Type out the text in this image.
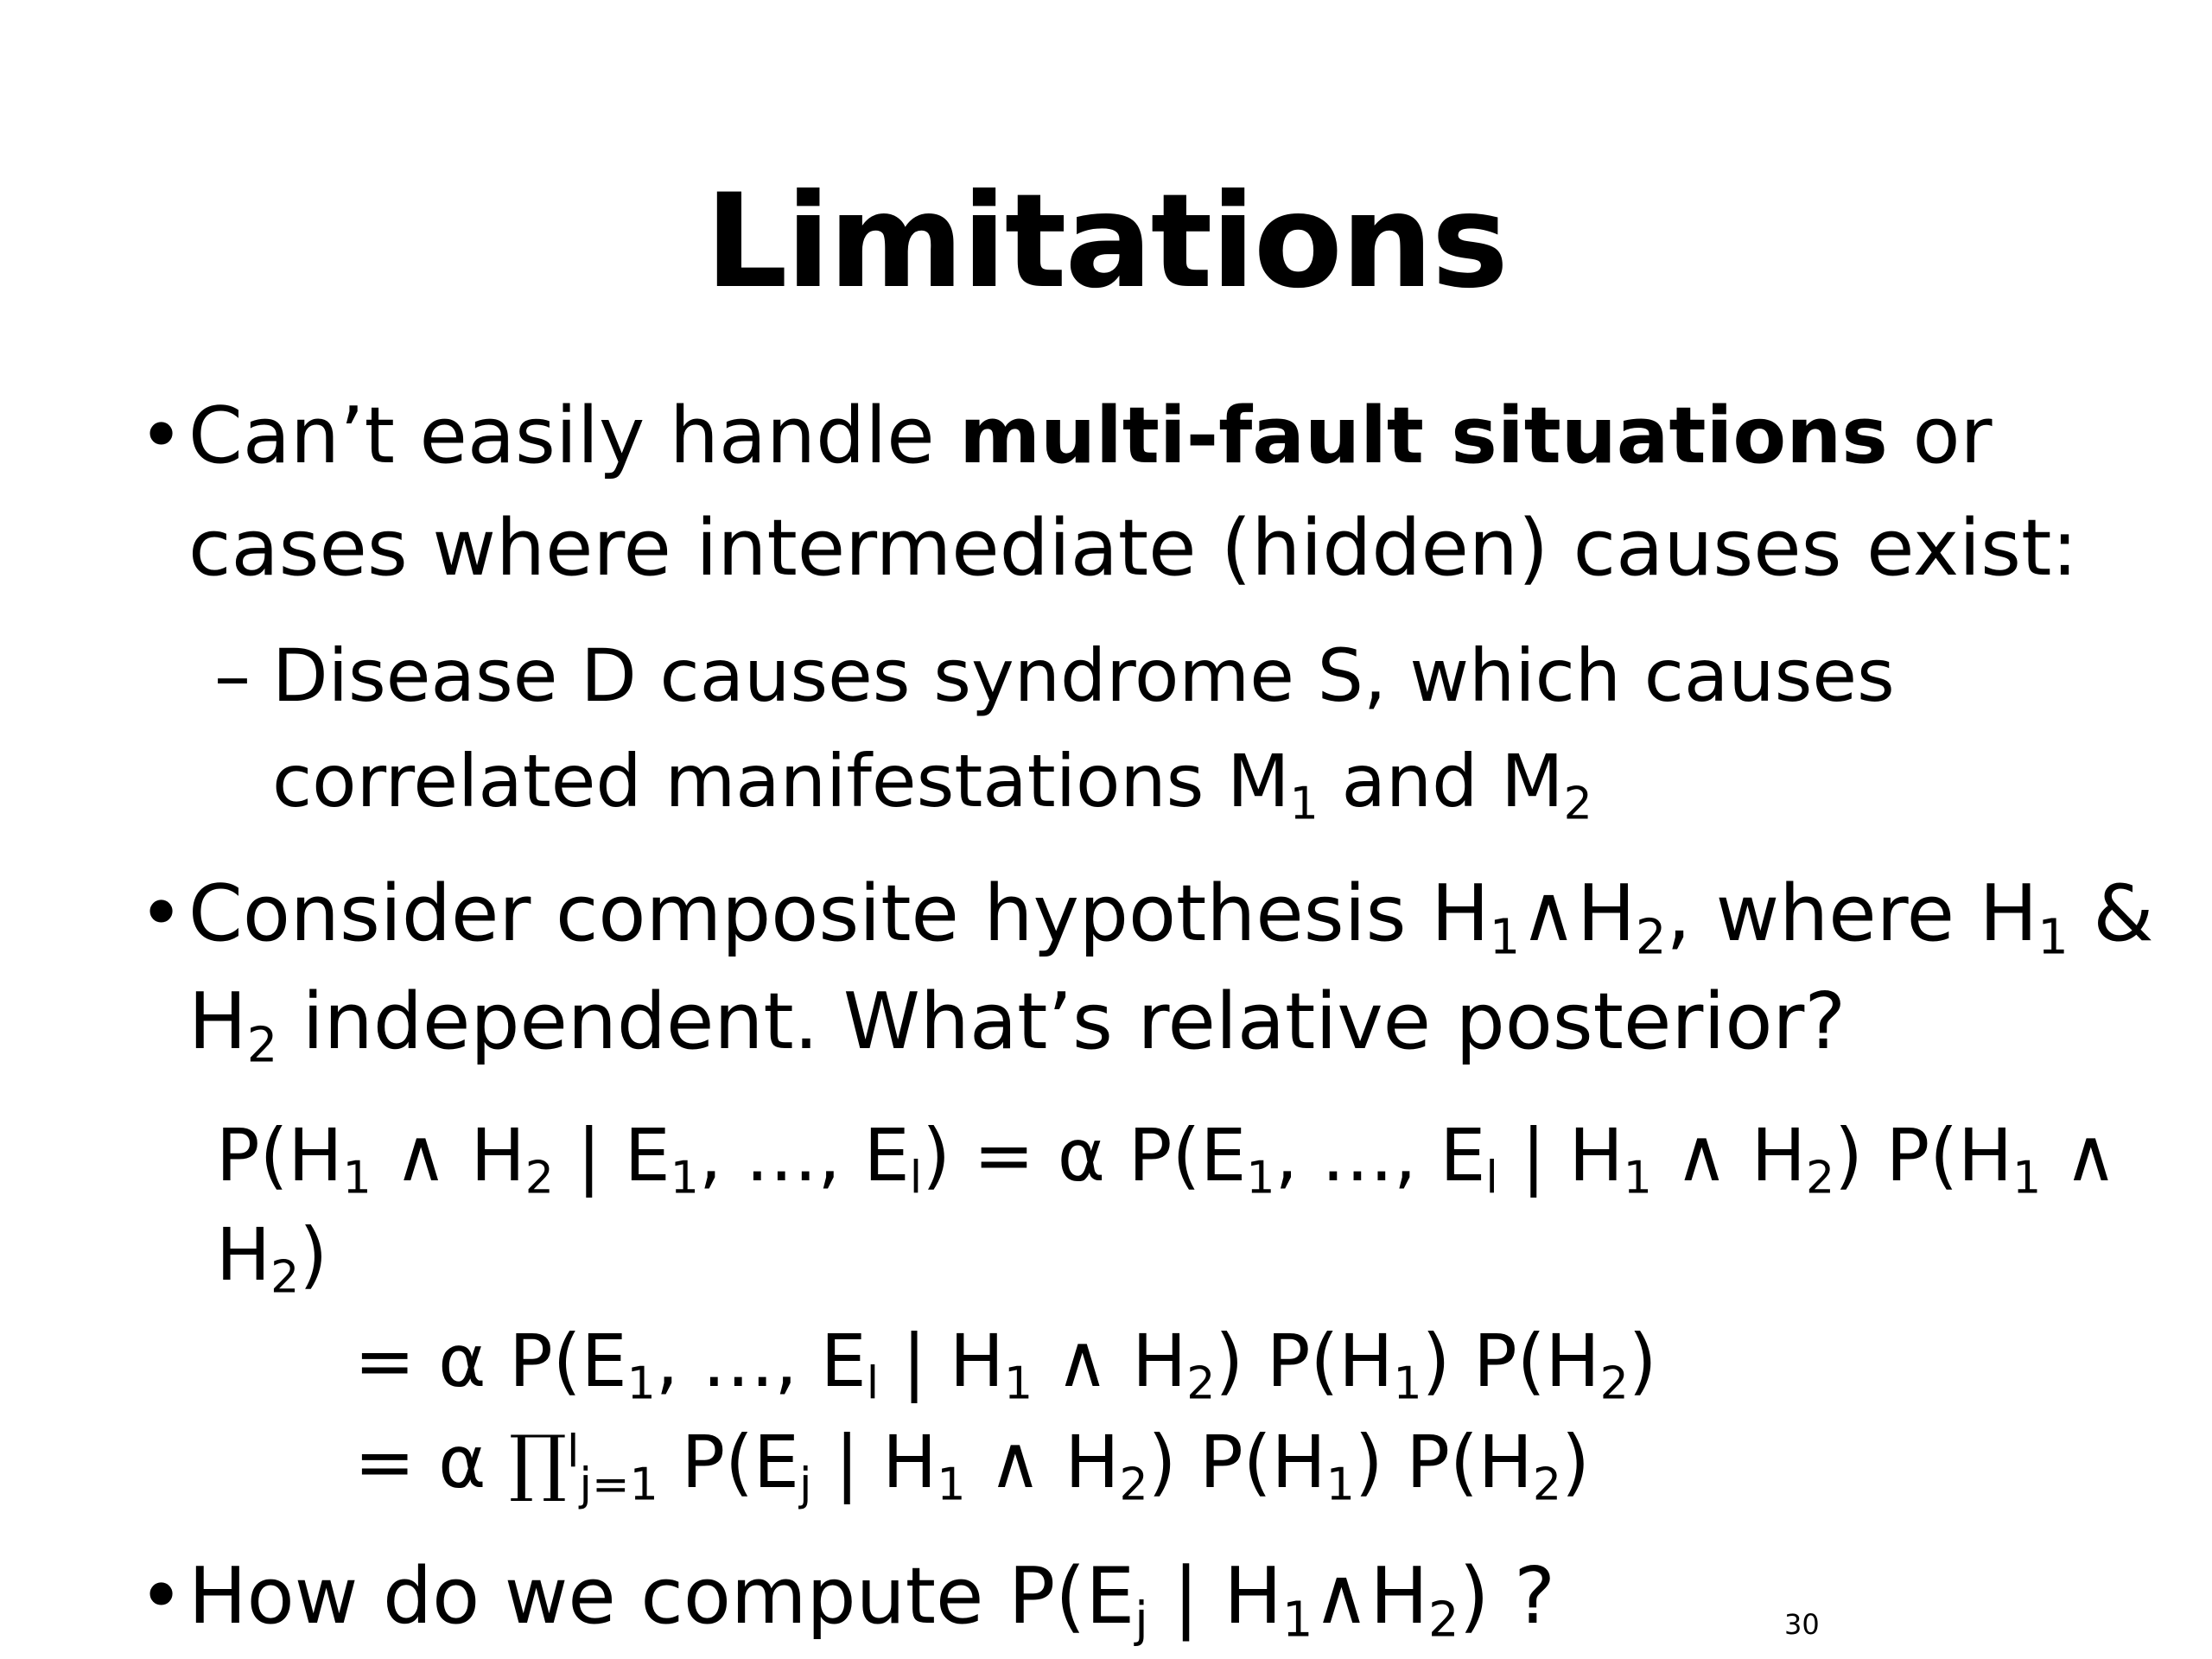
Limitations
• Can’t easily handle multi-fault situations or
cases where intermediate (hidden) causes exist:
– Disease D causes syndrome S, which causes
correlated manifestations $M_1$ and $M_2$
• Consider composite hypothesis $H_1\wedge H_2$, where $H_1$ &
$H_2$ independent. What’s relative posterior?
$P(H_1$ ∧ $H_2$ | $E_1$, …, $E_l) = \alpha$ $P(E_1$, …, $E_l$ | $H_1$ ∧ $H_2$) $P(H_1$ ∧
$H_2$)
= α $P(E_1$, …, $E_l$ | $H_1$ ∧ $H_2$) $P(H_1)$ $P(H_2)$
= α ∏$^l_{j=1}$ $P(E_j$ | $H_1$ ∧ $H_2$) $P(H_1)$ $P(H_2)$
• How do we compute $P(E_j$ | $H_1\wedge H_2$) ?	30
